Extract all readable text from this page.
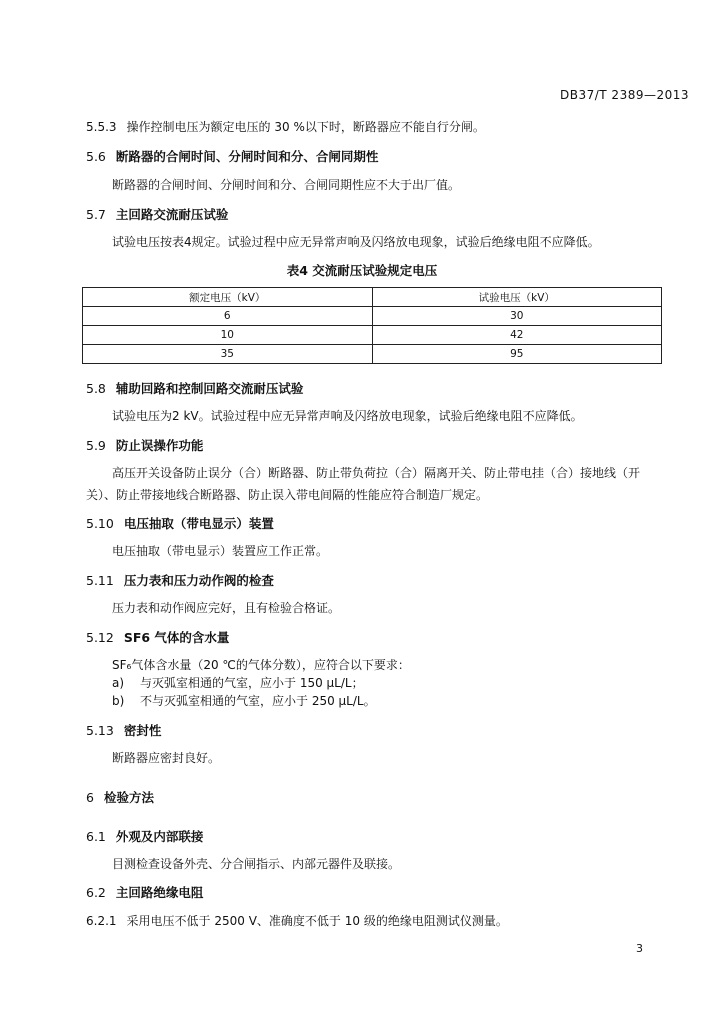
DB37/T 2389—2013
5.5.3 操作控制电压为额定电压的 30 %以下时，断路器应不能自行分闸。
5.6 断路器的合闸时间、分闸时间和分、合闸同期性
断路器的合闸时间、分闸时间和分、合闸同期性应不大于出厂值。
5.7 主回路交流耐压试验
试验电压按表4规定。试验过程中应无异常声响及闪络放电现象，试验后绝缘电阻不应降低。
表4 交流耐压试验规定电压
额定电压（kV）	试验电压（kV）
6	30
10	42
35	95
5.8 辅助回路和控制回路交流耐压试验
试验电压为2 kV。试验过程中应无异常声响及闪络放电现象，试验后绝缘电阻不应降低。
5.9 防止误操作功能
高压开关设备防止误分（合）断路器、防止带负荷拉（合）隔离开关、防止带电挂（合）接地线（开
关）、防止带接地线合断路器、防止误入带电间隔的性能应符合制造厂规定。
5.10 电压抽取（带电显示）装置
电压抽取（带电显示）装置应工作正常。
5.11 压力表和压力动作阀的检查
压力表和动作阀应完好，且有检验合格证。
5.12 SF6 气体的含水量
SF₆气体含水量（20 ℃的气体分数），应符合以下要求：
a) 与灭弧室相通的气室，应小于 150 μL/L；
b) 不与灭弧室相通的气室，应小于 250 μL/L。
5.13 密封性
断路器应密封良好。
6 检验方法
6.1 外观及内部联接
目测检查设备外壳、分合闸指示、内部元器件及联接。
6.2 主回路绝缘电阻
6.2.1 采用电压不低于 2500 V、准确度不低于 10 级的绝缘电阻测试仪测量。
3
